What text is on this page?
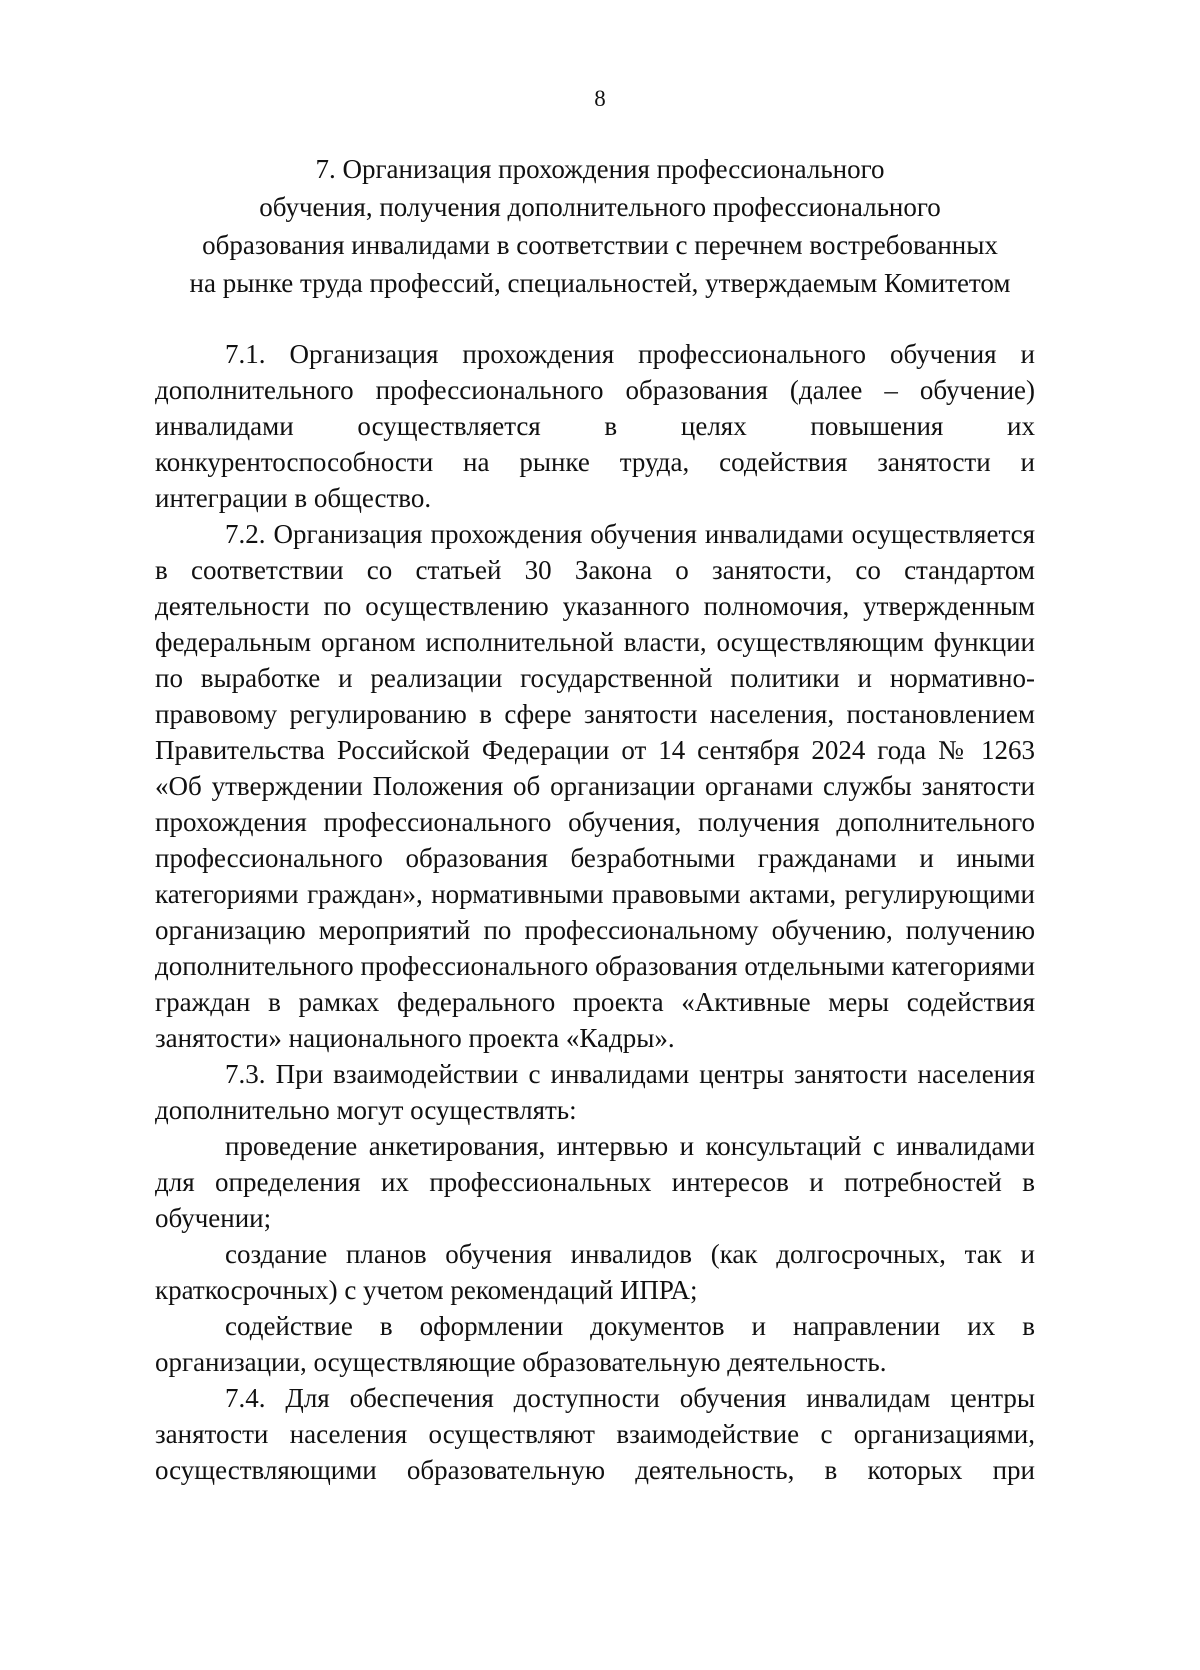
8
7. Организация прохождения профессионального
обучения, получения дополнительного профессионального
образования инвалидами в соответствии с перечнем востребованных
на рынке труда профессий, специальностей, утверждаемым Комитетом

7.1. Организация прохождения профессионального обучения и дополнительного профессионального образования (далее – обучение) инвалидами осуществляется в целях повышения их конкурентоспособности на рынке труда, содействия занятости и интеграции в общество.

7.2. Организация прохождения обучения инвалидами осуществляется в соответствии со статьей 30 Закона о занятости, со стандартом деятельности по осуществлению указанного полномочия, утвержденным федеральным органом исполнительной власти, осуществляющим функции по выработке и реализации государственной политики и нормативно-правовому регулированию в сфере занятости населения, постановлением Правительства Российской Федерации от 14 сентября 2024 года № 1263 «Об утверждении Положения об организации органами службы занятости прохождения профессионального обучения, получения дополнительного профессионального образования безработными гражданами и иными категориями граждан», нормативными правовыми актами, регулирующими организацию мероприятий по профессиональному обучению, получению дополнительного профессионального образования отдельными категориями граждан в рамках федерального проекта «Активные меры содействия занятости» национального проекта «Кадры».

7.3. При взаимодействии с инвалидами центры занятости населения дополнительно могут осуществлять:

проведение анкетирования, интервью и консультаций с инвалидами для определения их профессиональных интересов и потребностей в обучении;

создание планов обучения инвалидов (как долгосрочных, так и краткосрочных) с учетом рекомендаций ИПРА;

содействие в оформлении документов и направлении их в организации, осуществляющие образовательную деятельность.

7.4. Для обеспечения доступности обучения инвалидам центры занятости населения осуществляют взаимодействие с организациями, осуществляющими образовательную деятельность, в которых при
